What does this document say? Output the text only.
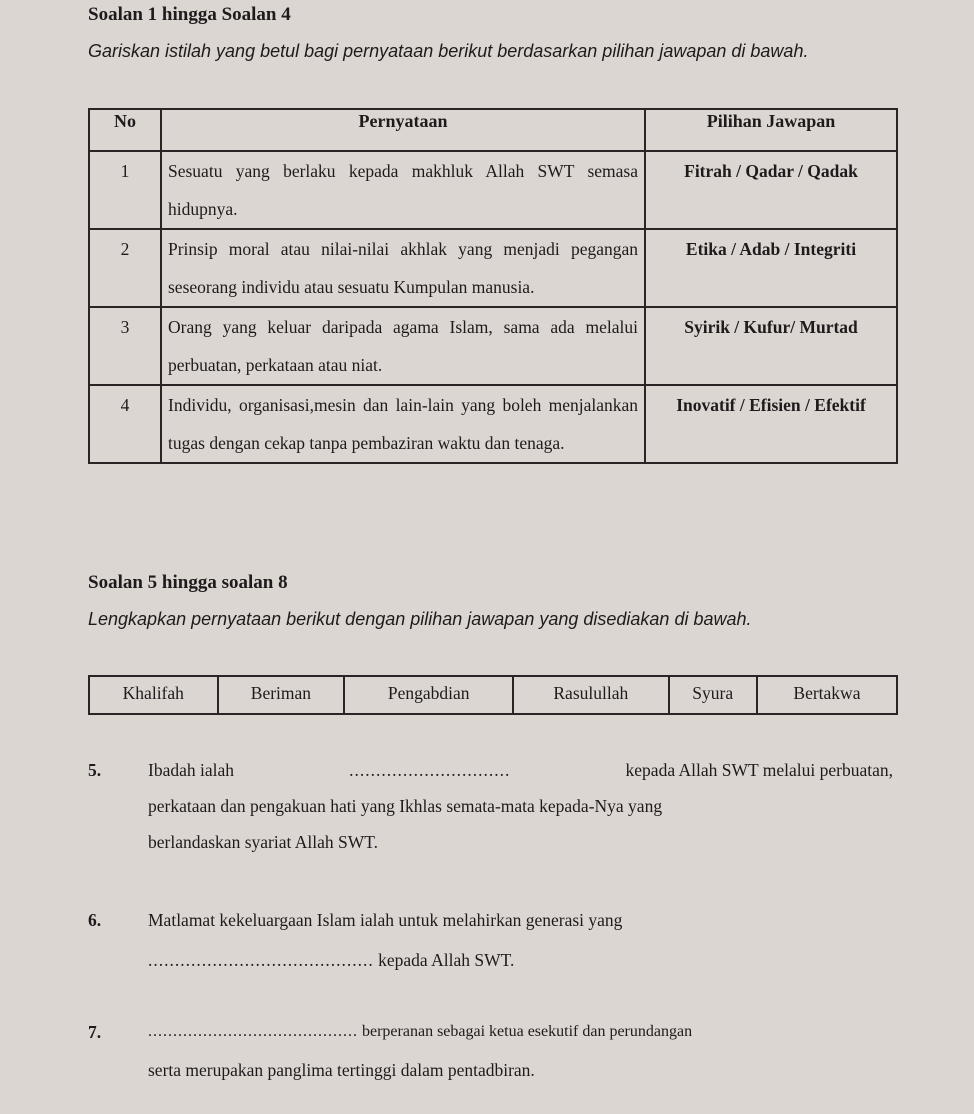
Soalan 1 hingga Soalan 4
Gariskan istilah yang betul bagi pernyataan berikut berdasarkan pilihan jawapan di bawah.
No	Pernyataan	Pilihan Jawapan
1	Sesuatu yang berlaku kepada makhluk Allah SWT semasa hidupnya.	Fitrah / Qadar / Qadak
2	Prinsip moral atau nilai-nilai akhlak yang menjadi pegangan seseorang individu atau sesuatu Kumpulan manusia.	Etika / Adab / Integriti
3	Orang yang keluar daripada agama Islam, sama ada melalui perbuatan, perkataan atau niat.	Syirik / Kufur/ Murtad
4	Individu, organisasi,mesin dan lain-lain yang boleh menjalankan tugas dengan cekap tanpa pembaziran waktu dan tenaga.	Inovatif / Efisien / Efektif
Soalan 5 hingga soalan 8
Lengkapkan pernyataan berikut dengan pilihan jawapan yang disediakan di bawah.
Khalifah	Beriman	Pengabdian	Rasulullah	Syura	Bertakwa
5.	Ibadah ialah	..............................	kepada Allah SWT melalui perbuatan,
perkataan dan pengakuan hati yang Ikhlas semata-mata kepada-Nya yang
berlandaskan syariat Allah SWT.
6.	Matlamat kekeluargaan Islam ialah untuk melahirkan generasi yang
.......................................... kepada Allah SWT.
7.	.......................................... berperanan sebagai ketua esekutif dan perundangan
serta merupakan panglima tertinggi dalam pentadbiran.
